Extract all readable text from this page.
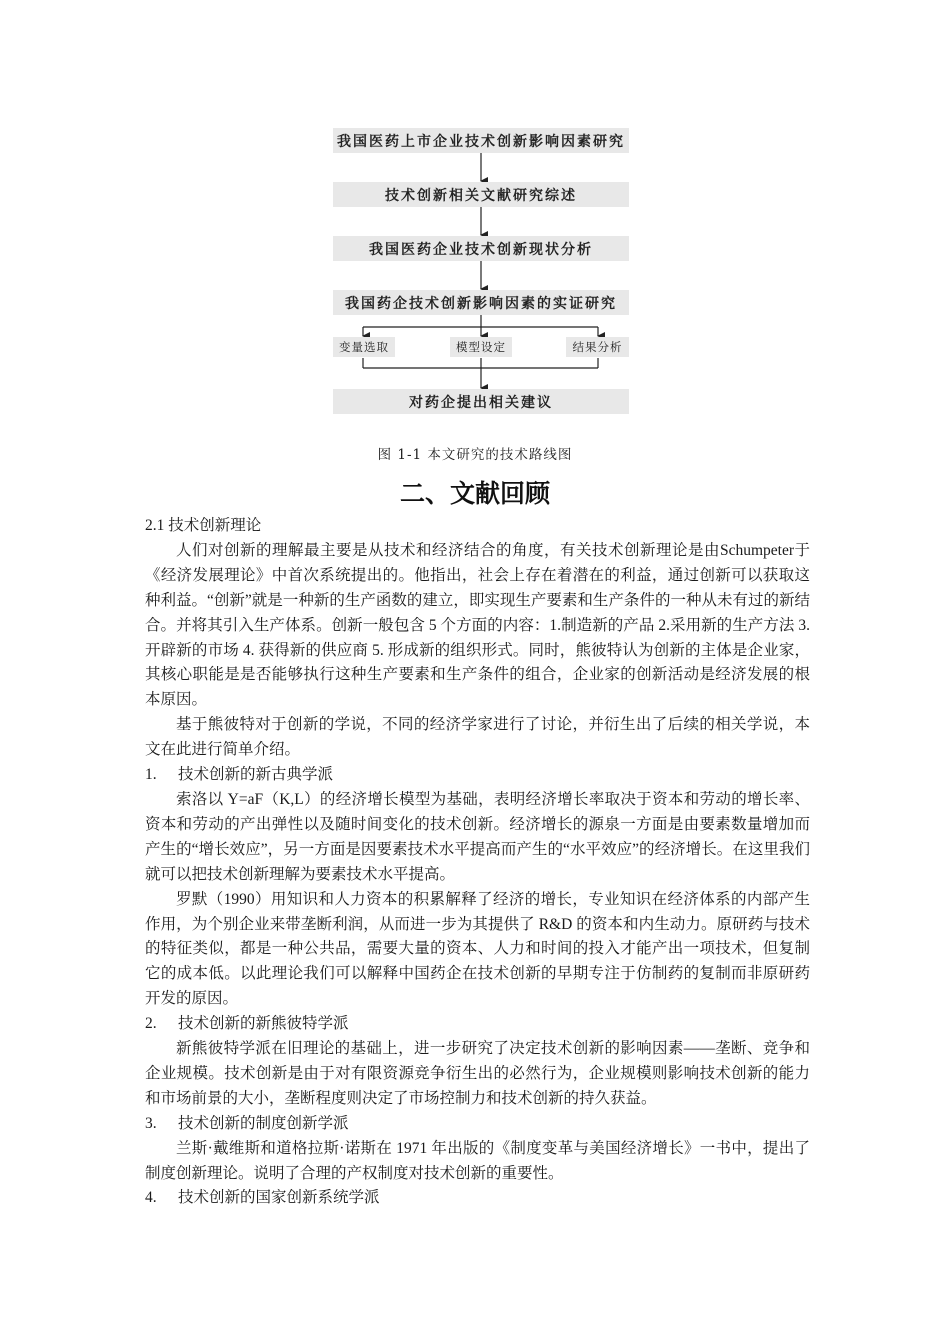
我国医药上市企业技术创新影响因素研究
技术创新相关文献研究综述
我国医药企业技术创新现状分析
我国药企技术创新影响因素的实证研究
变量选取	模型设定	结果分析
对药企提出相关建议
图 1-1 本文研究的技术路线图
二、文献回顾

2.1 技术创新理论

人们对创新的理解最主要是从技术和经济结合的角度，有关技术创新理论是由Schumpeter于《经济发展理论》中首次系统提出的。他指出，社会上存在着潜在的利益，通过创新可以获取这种利益。“创新”就是一种新的生产函数的建立，即实现生产要素和生产条件的一种从未有过的新结合。并将其引入生产体系。创新一般包含 5 个方面的内容：1.制造新的产品 2.采用新的生产方法 3.开辟新的市场 4. 获得新的供应商 5. 形成新的组织形式。同时，熊彼特认为创新的主体是企业家，其核心职能是是否能够执行这种生产要素和生产条件的组合，企业家的创新活动是经济发展的根本原因。

基于熊彼特对于创新的学说，不同的经济学家进行了讨论，并衍生出了后续的相关学说，本文在此进行简单介绍。

1.	技术创新的新古典学派

索洛以 Y=aF（K,L）的经济增长模型为基础，表明经济增长率取决于资本和劳动的增长率、资本和劳动的产出弹性以及随时间变化的技术创新。经济增长的源泉一方面是由要素数量增加而产生的“增长效应”，另一方面是因要素技术水平提高而产生的“水平效应”的经济增长。在这里我们就可以把技术创新理解为要素技术水平提高。

罗默（1990）用知识和人力资本的积累解释了经济的增长，专业知识在经济体系的内部产生作用，为个别企业来带垄断利润，从而进一步为其提供了 R&D 的资本和内生动力。原研药与技术的特征类似，都是一种公共品，需要大量的资本、人力和时间的投入才能产出一项技术，但复制它的成本低。以此理论我们可以解释中国药企在技术创新的早期专注于仿制药的复制而非原研药开发的原因。

2.	技术创新的新熊彼特学派

新熊彼特学派在旧理论的基础上，进一步研究了决定技术创新的影响因素——垄断、竞争和企业规模。技术创新是由于对有限资源竞争衍生出的必然行为，企业规模则影响技术创新的能力和市场前景的大小，垄断程度则决定了市场控制力和技术创新的持久获益。

3.	技术创新的制度创新学派

兰斯·戴维斯和道格拉斯·诺斯在 1971 年出版的《制度变革与美国经济增长》一书中，提出了制度创新理论。说明了合理的产权制度对技术创新的重要性。

4.	技术创新的国家创新系统学派
